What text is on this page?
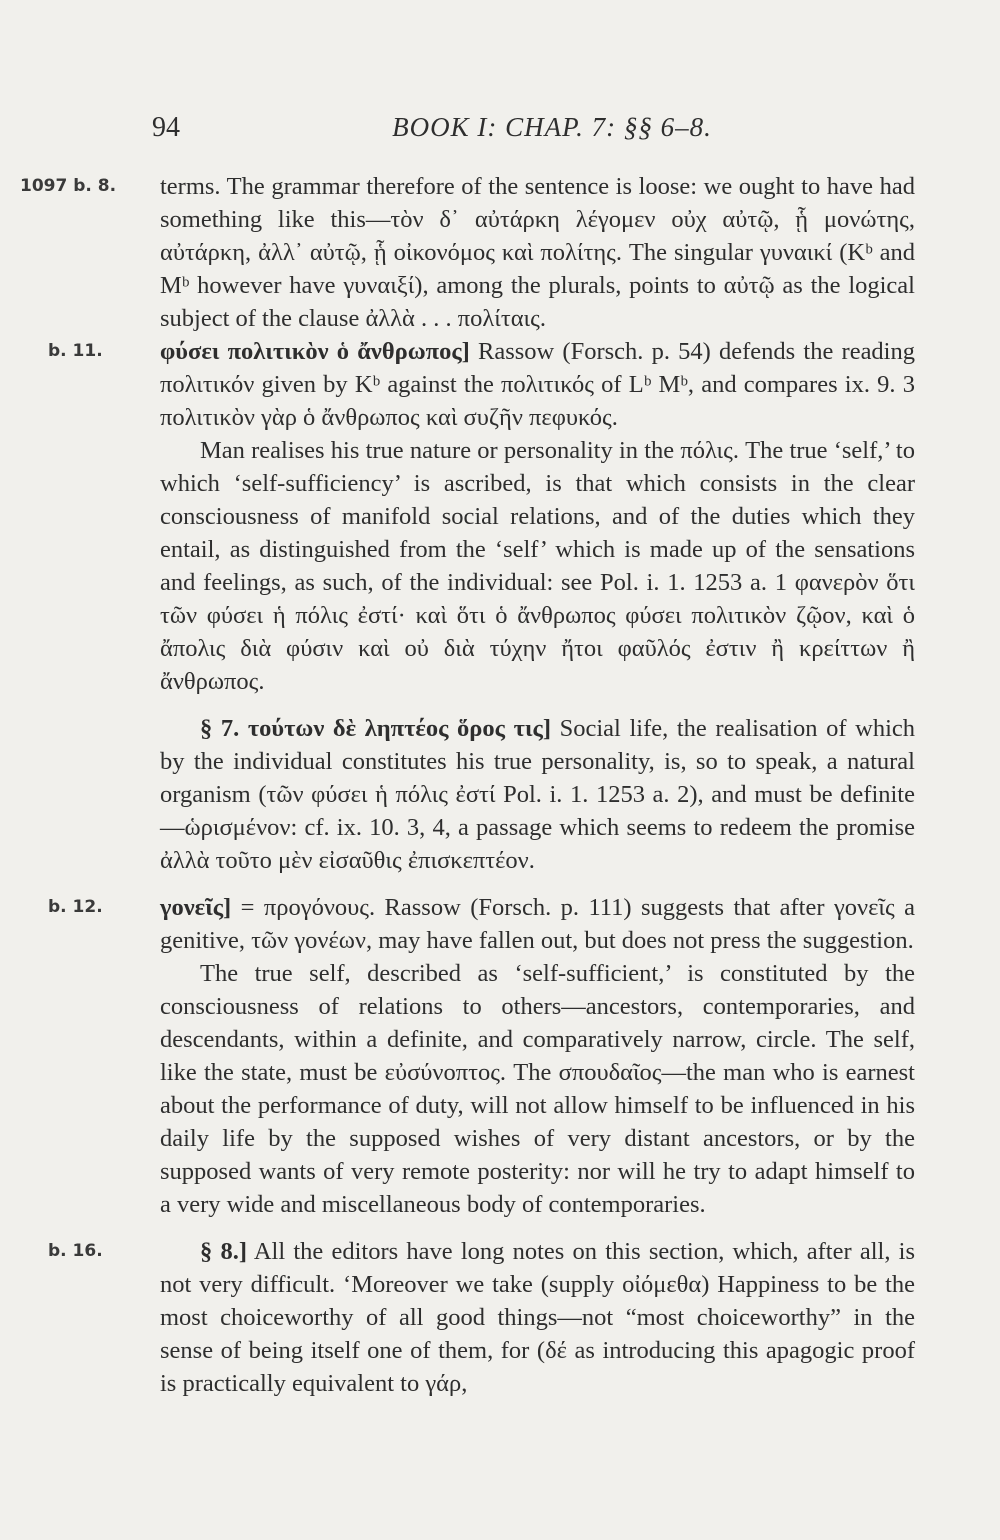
94	BOOK I: CHAP. 7: §§ 6–8.

1097 b. 8. terms. The grammar therefore of the sentence is loose: we ought to have had something like this—τὸν δ᾽ αὐτάρκη λέγομεν οὐχ αὐτῷ, ᾗ μονώτης, αὐτάρκη, ἀλλ᾽ αὐτῷ, ᾗ οἰκονόμος καὶ πολίτης. The singular γυναικί (Kᵇ and Mᵇ however have γυναιξί), among the plurals, points to αὐτῷ as the logical subject of the clause ἀλλὰ . . . πολίταις.

b. 11. φύσει πολιτικὸν ὁ ἄνθρωπος] Rassow (Forsch. p. 54) defends the reading πολιτικόν given by Kᵇ against the πολιτικός of Lᵇ Mᵇ, and compares ix. 9. 3 πολιτικὸν γὰρ ὁ ἄνθρωπος καὶ συζῆν πεφυκός.

Man realises his true nature or personality in the πόλις. The true ‘self,’ to which ‘self-sufficiency’ is ascribed, is that which consists in the clear consciousness of manifold social relations, and of the duties which they entail, as distinguished from the ‘self’ which is made up of the sensations and feelings, as such, of the individual: see Pol. i. 1. 1253 a. 1 φανερὸν ὅτι τῶν φύσει ἡ πόλις ἐστί· καὶ ὅτι ὁ ἄνθρωπος φύσει πολιτικὸν ζῷον, καὶ ὁ ἄπολις διὰ φύσιν καὶ οὐ διὰ τύχην ἤτοι φαῦλός ἐστιν ἢ κρείττων ἢ ἄνθρωπος.

§ 7. τούτων δὲ ληπτέος ὅρος τις] Social life, the realisation of which by the individual constitutes his true personality, is, so to speak, a natural organism (τῶν φύσει ἡ πόλις ἐστί Pol. i. 1. 1253 a. 2), and must be definite—ὡρισμένον: cf. ix. 10. 3, 4, a passage which seems to redeem the promise ἀλλὰ τοῦτο μὲν εἰσαῦθις ἐπισκεπτέον.

b. 12. γονεῖς] = προγόνους. Rassow (Forsch. p. 111) suggests that after γονεῖς a genitive, τῶν γονέων, may have fallen out, but does not press the suggestion.

The true self, described as ‘self-sufficient,’ is constituted by the consciousness of relations to others—ancestors, contemporaries, and descendants, within a definite, and comparatively narrow, circle. The self, like the state, must be εὐσύνοπτος. The σπουδαῖος—the man who is earnest about the performance of duty, will not allow himself to be influenced in his daily life by the supposed wishes of very distant ancestors, or by the supposed wants of very remote posterity: nor will he try to adapt himself to a very wide and miscellaneous body of contemporaries.

b. 16.	§ 8.] All the editors have long notes on this section, which, after all, is not very difficult. ‘Moreover we take (supply οἰόμεθα) Happiness to be the most choiceworthy of all good things—not “most choiceworthy” in the sense of being itself one of them, for (δέ as introducing this apagogic proof is practically equivalent to γάρ,
